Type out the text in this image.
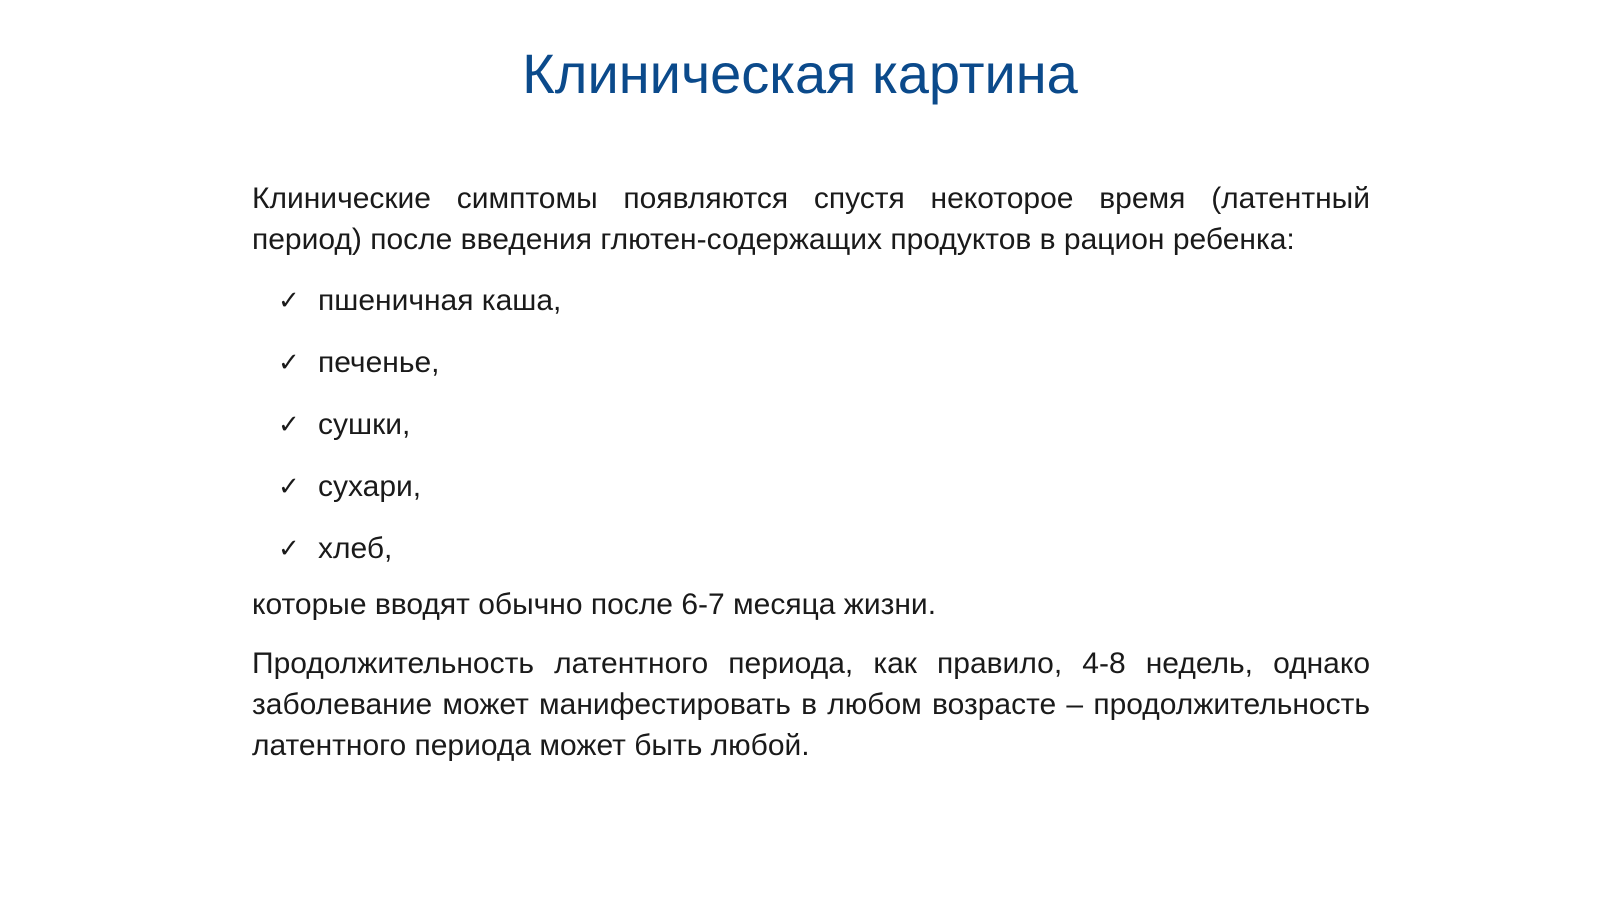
Клиническая картина

Клинические симптомы появляются спустя некоторое время (латентный период) после введения глютен-содержащих продуктов в рацион ребенка:

✓ пшеничная каша,
✓ печенье,
✓ сушки,
✓ сухари,
✓ хлеб,

которые вводят обычно после 6-7 месяца жизни.

Продолжительность латентного периода, как правило, 4-8 недель, однако заболевание может манифестировать в любом возрасте – продолжительность латентного периода может быть любой.
